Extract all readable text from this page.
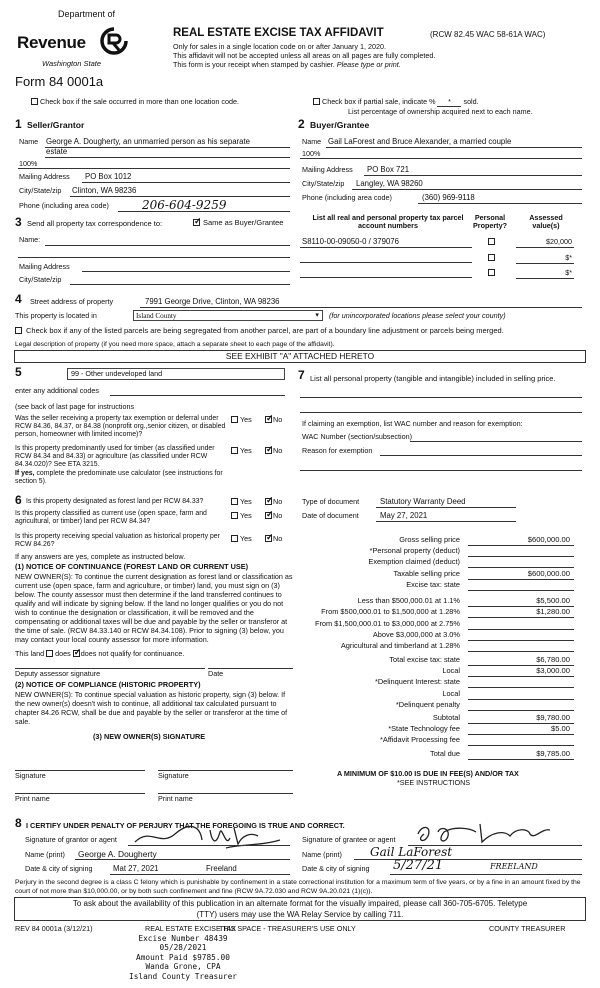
Department of
Revenue
Washington State
Form 84 0001a
REAL ESTATE EXCISE TAX AFFIDAVIT	(RCW 82.45 WAC 58-61A WAC)
Only for sales in a single location code on or after January 1, 2020.
This affidavit will not be accepted unless all areas on all pages are fully completed.
This form is your receipt when stamped by cashier. Please type or print.
Check box if the sale occurred in more than one location code.	Check box if partial sale, indicate % * sold.
List percentage of ownership acquired next to each name.
1 Seller/Grantor
Name George A. Dougherty, an unmarried person as his separate
estate
100%
Mailing Address PO Box 1012
City/State/zip Clinton, WA 98236
Phone (including area code)	206-604-9259
2 Buyer/Grantee
Name Gail LaForest and Bruce Alexander, a married couple
100%
Mailing Address PO Box 721
City/State/zip Langley, WA 98260
Phone (including area code)	(360) 969-9118
3 Send all property tax correspondence to: ✓	Same as Buyer/Grantee
Name:
Mailing Address
City/State/zip
List all real and personal property tax parcel account numbers
Personal Property?
Assessed value(s)
S8110-00-09050-0 / 379076	$20,000
$*
$*
4 Street address of property	7991 George Drive, Clinton, WA 98236
This property is located in	Island County	▾ (for unincorporated locations please select your county)
Check box if any of the listed parcels are being segregated from another parcel, are part of a boundary line adjustment or parcels being merged.
Legal description of property (if you need more space, attach a separate sheet to each page of the affidavit).
SEE EXHIBIT "A" ATTACHED HERETO
5	99 - Other undeveloped land
enter any additional codes
(see back of last page for instructions
Was the seller receiving a property tax exemption or deferral under RCW 84.36, 84.37, or 84.38 (nonprofit org.,senior citizen, or disabled person, homeowner with limited income)?
Yes ✓	No
Is this property predominantly used for timber (as classified under RCW 84.34 and 84.33) or agriculture (as classified under RCW 84.34.020)? See ETA 3215.
If yes, complete the predominate use calculator (see instructions for section 5).
Yes ✓	No
6 Is this property designated as forest land per RCW 84.33?	Yes ✓	No
Is this property classified as current use (open space, farm and agricultural, or timber) land per RCW 84.34?
Yes ✓	No
Is this property receiving special valuation as historical property per RCW 84.26?
Yes ✓	No
If any answers are yes, complete as instructed below.
(1) NOTICE OF CONTINUANCE (FOREST LAND OR CURRENT USE)
NEW OWNER(S): To continue the current designation as forest land or classification as current use (open space, farm and agriculture, or timber) land, you must sign on (3) below. The county assessor must then determine if the land transferred continues to qualify and will indicate by signing below. If the land no longer qualifies or you do not wish to continue the designation or classification, it will be removed and the compensating or additional taxes will be due and payable by the seller or transferor at the time of sale. (RCW 84.33.140 or RCW 84.34.108). Prior to signing (3) below, you may contact your local county assessor for more information.
This land does ✓ does not qualify for continuance.
Deputy assessor signature	Date
(2) NOTICE OF COMPLIANCE (HISTORIC PROPERTY)
NEW OWNER(S): To continue special valuation as historic property, sign (3) below. If the new owner(s) doesn't wish to continue, all additional tax calculated pursuant to chapter 84.26 RCW, shall be due and payable by the seller or transferor at the time of sale.
(3) NEW OWNER(S) SIGNATURE
Signature	Signature
Print name	Print name
7 List all personal property (tangible and intangible) included in selling price.
If claiming an exemption, list WAC number and reason for exemption:
WAC Number (section/subsection)
Reason for exemption
Type of document	Statutory Warranty Deed
Date of document	May 27, 2021
Gross selling price	$600,000.00
*Personal property (deduct)
Exemption claimed (deduct)
Taxable selling price	$600,000.00
Excise tax: state
Less than $500,000.01 at 1.1%	$5,500.00
From $500,000.01 to $1,500,000 at 1.28%	$1,280.00
From $1,500,000.01 to $3,000,000 at 2.75%
Above $3,000,000 at 3.0%
Agricultural and timberland at 1.28%
Total excise tax: state	$6,780.00
Local	$3,000.00
*Delinquent Interest: state
Local
*Delinquent penalty
Subtotal	$9,780.00
*State Technology fee	$5.00
*Affidavit Processing fee
Total due	$9,785.00
A MINIMUM OF $10.00 IS DUE IN FEE(S) AND/OR TAX
*SEE INSTRUCTIONS
8 I CERTIFY UNDER PENALTY OF PERJURY THAT THE FOREGOING IS TRUE AND CORRECT.
Signature of grantor or agent
Name (print) George A. Dougherty
Date & city of signing	Mat 27, 2021	Freeland
Signature of grantee or agent
Name (print) Gail LaForest
Date & city of signing 5/27/21	FREELAND
Perjury in the second degree is a class C felony which is punishable by confinement in a state correctional institution for a maximum term of five years, or by a fine in an amount fixed by the court of not more than $10,000.00, or by both such confinement and fine (RCW 9A.72.030 and RCW 9A.20.021 (1)(c)).
To ask about the availability of this publication in an alternate format for the visually impaired, please call 360-705-6705. Teletype
(TTY) users may use the WA Relay Service by calling 711.
REV 84 0001a (3/12/21)	THIS SPACE - TREASURER'S USE ONLY	COUNTY TREASURER
REAL ESTATE EXCISE TAX
Excise Number 48439
05/28/2021
Amount Paid $9785.00
Wanda Grone, CPA
Island County Treasurer
